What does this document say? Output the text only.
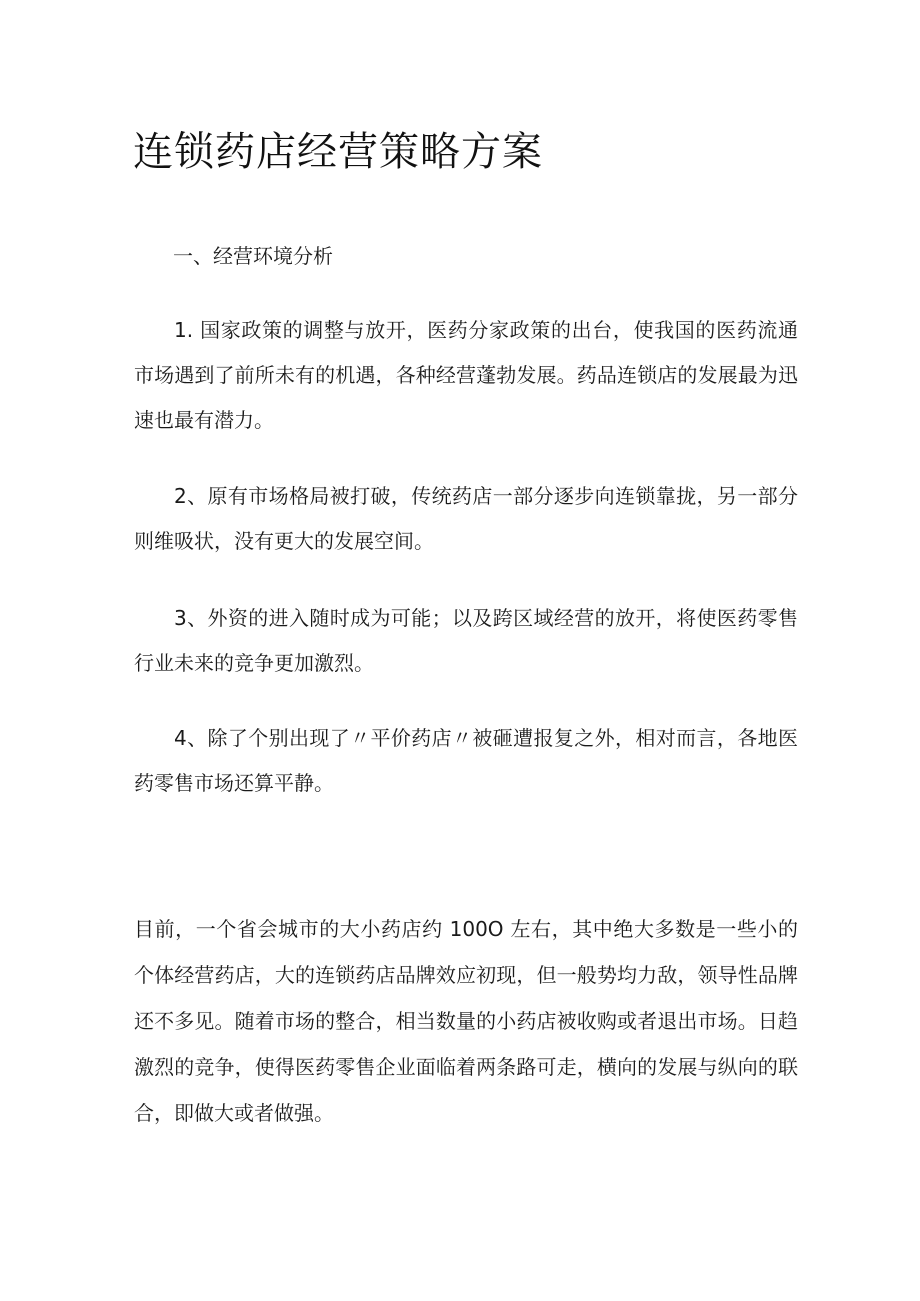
连锁药店经营策略方案
一、经营环境分析

1. 国家政策的调整与放开，医药分家政策的出台，使我国的医药流通市场遇到了前所未有的机遇，各种经营蓬勃发展。药品连锁店的发展最为迅速也最有潜力。

2、原有市场格局被打破，传统药店一部分逐步向连锁靠拢，另一部分则维吸状，没有更大的发展空间。

3、外资的进入随时成为可能；以及跨区域经营的放开，将使医药零售行业未来的竞争更加激烈。

4、除了个别出现了〃平价药店〃被砸遭报复之外，相对而言，各地医药零售市场还算平静。

目前，一个省会城市的大小药店约 100O 左右，其中绝大多数是一些小的个体经营药店，大的连锁药店品牌效应初现，但一般势均力敌，领导性品牌还不多见。随着市场的整合，相当数量的小药店被收购或者退出市场。日趋激烈的竞争，使得医药零售企业面临着两条路可走，横向的发展与纵向的联合，即做大或者做强。
